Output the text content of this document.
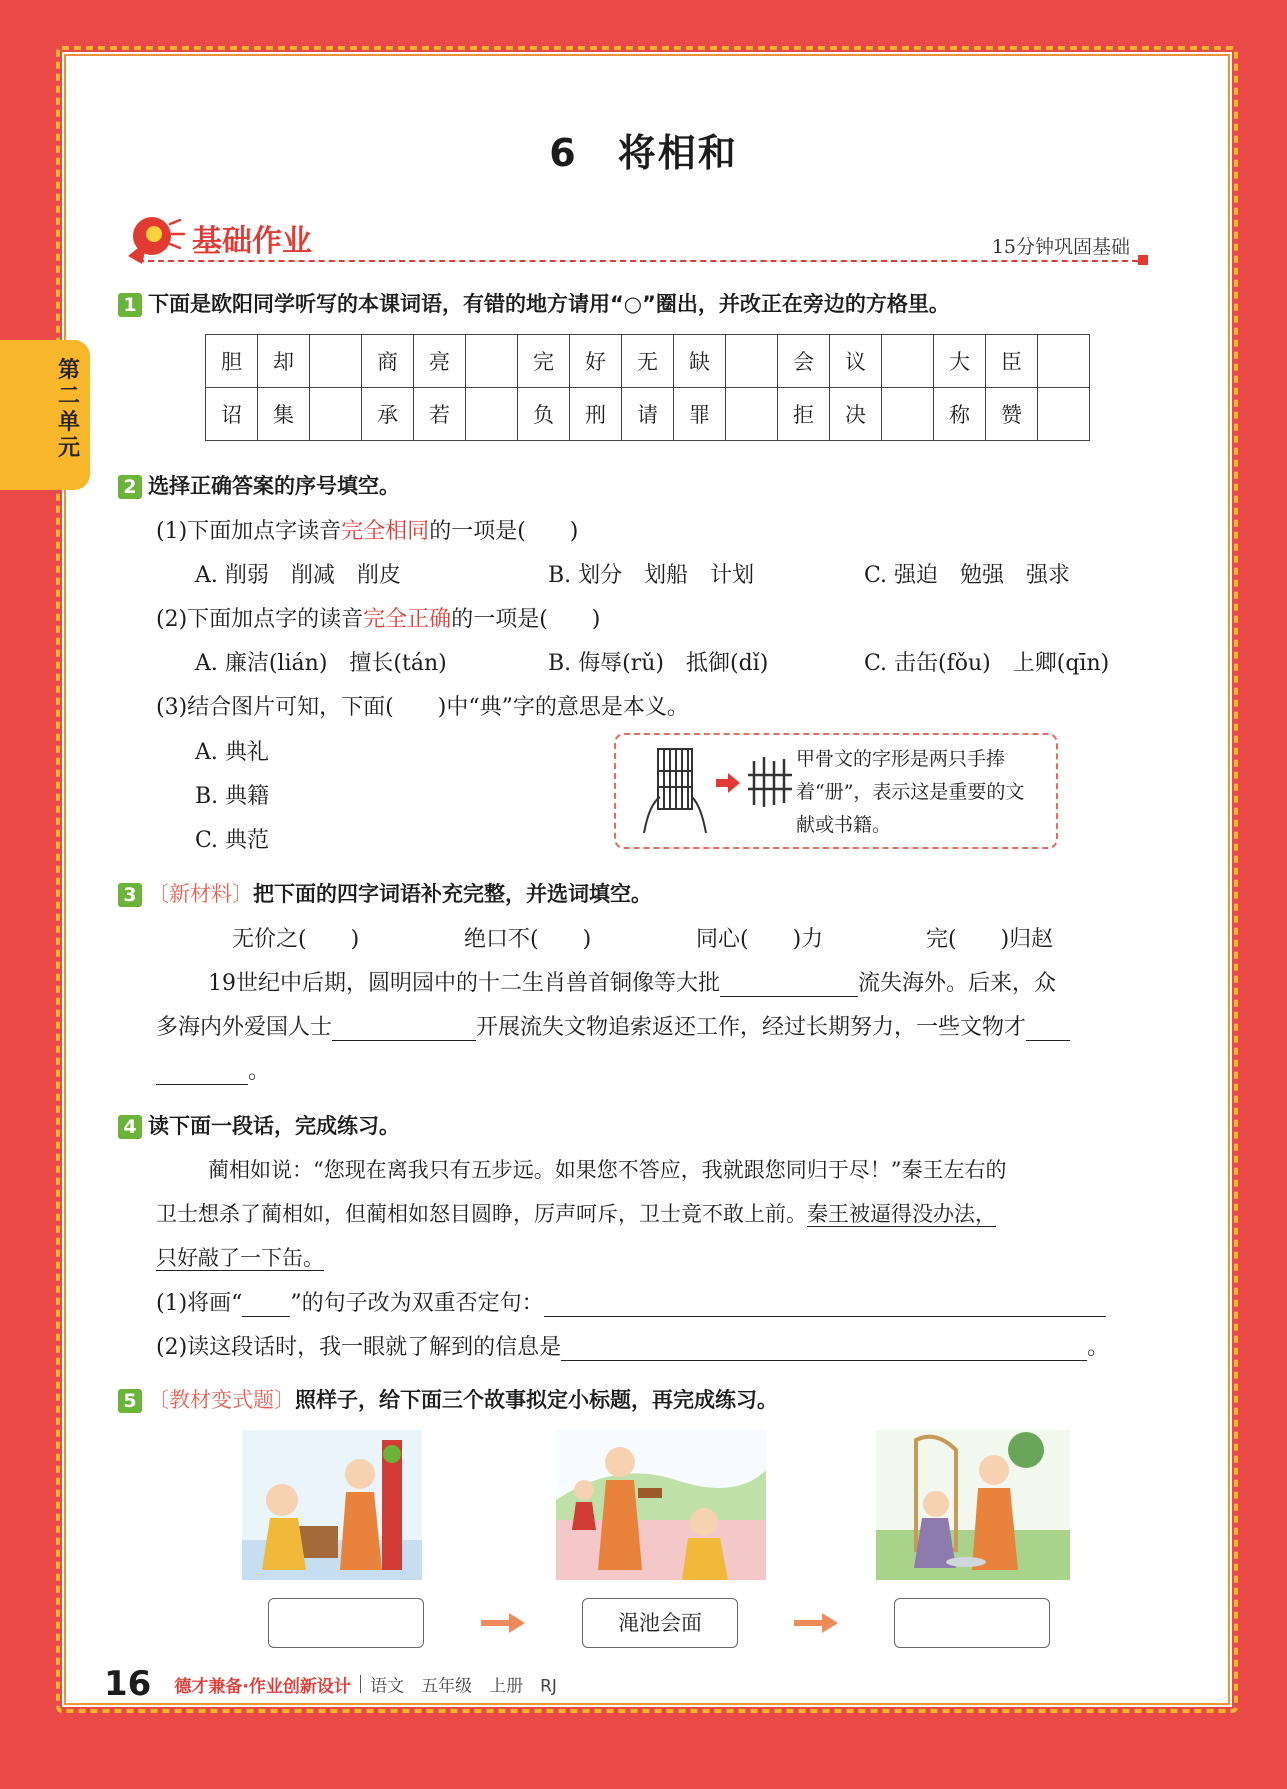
第二单元
6　将相和
基础作业	15分钟巩固基础
1 下面是欧阳同学听写的本课词语，有错的地方请用“○”圈出，并改正在旁边的方格里。
胆	却		商	亮		完	好	无	缺		会	议		大	臣	
诏	集		承	若		负	刑	请	罪		拒	决		称	赞	
2 选择正确答案的序号填空。
(1)下面加点字读音完全相同的一项是(　　)
A. 削弱　削减　削皮	B. 划分　划船　计划	C. 强迫　勉强　强求
(2)下面加点字的读音完全正确的一项是(　　)
A. 廉洁(lián)　擅长(tán)	B. 侮辱(rǔ)　抵御(dǐ)	C. 击缶(fǒu)　上卿(qīn)
(3)结合图片可知，下面(　　)中“典”字的意思是本义。
A. 典礼
B. 典籍
C. 典范
甲骨文的字形是两只手捧着“册”，表示这是重要的文献或书籍。
3 〔新材料〕把下面的四字词语补充完整，并选词填空。
无价之(　　)	绝口不(　　)	同心(　　)力	完(　　)归赵
19世纪中后期，圆明园中的十二生肖兽首铜像等大批	流失海外。后来，众
多海内外爱国人士	开展流失文物追索返还工作，经过长期努力，一些文物才
。
4 读下面一段话，完成练习。
蔺相如说：“您现在离我只有五步远。如果您不答应，我就跟您同归于尽！”秦王左右的
卫士想杀了蔺相如，但蔺相如怒目圆睁，厉声呵斥，卫士竟不敢上前。秦王被逼得没办法，
只好敲了一下缶。
(1)将画“ ”的句子改为双重否定句：
(2)读这段话时，我一眼就了解到的信息是	。
5 〔教材变式题〕照样子，给下面三个故事拟定小标题，再完成练习。
渑池会面
16 德才兼备·作业创新设计 语文　五年级　上册　RJ
